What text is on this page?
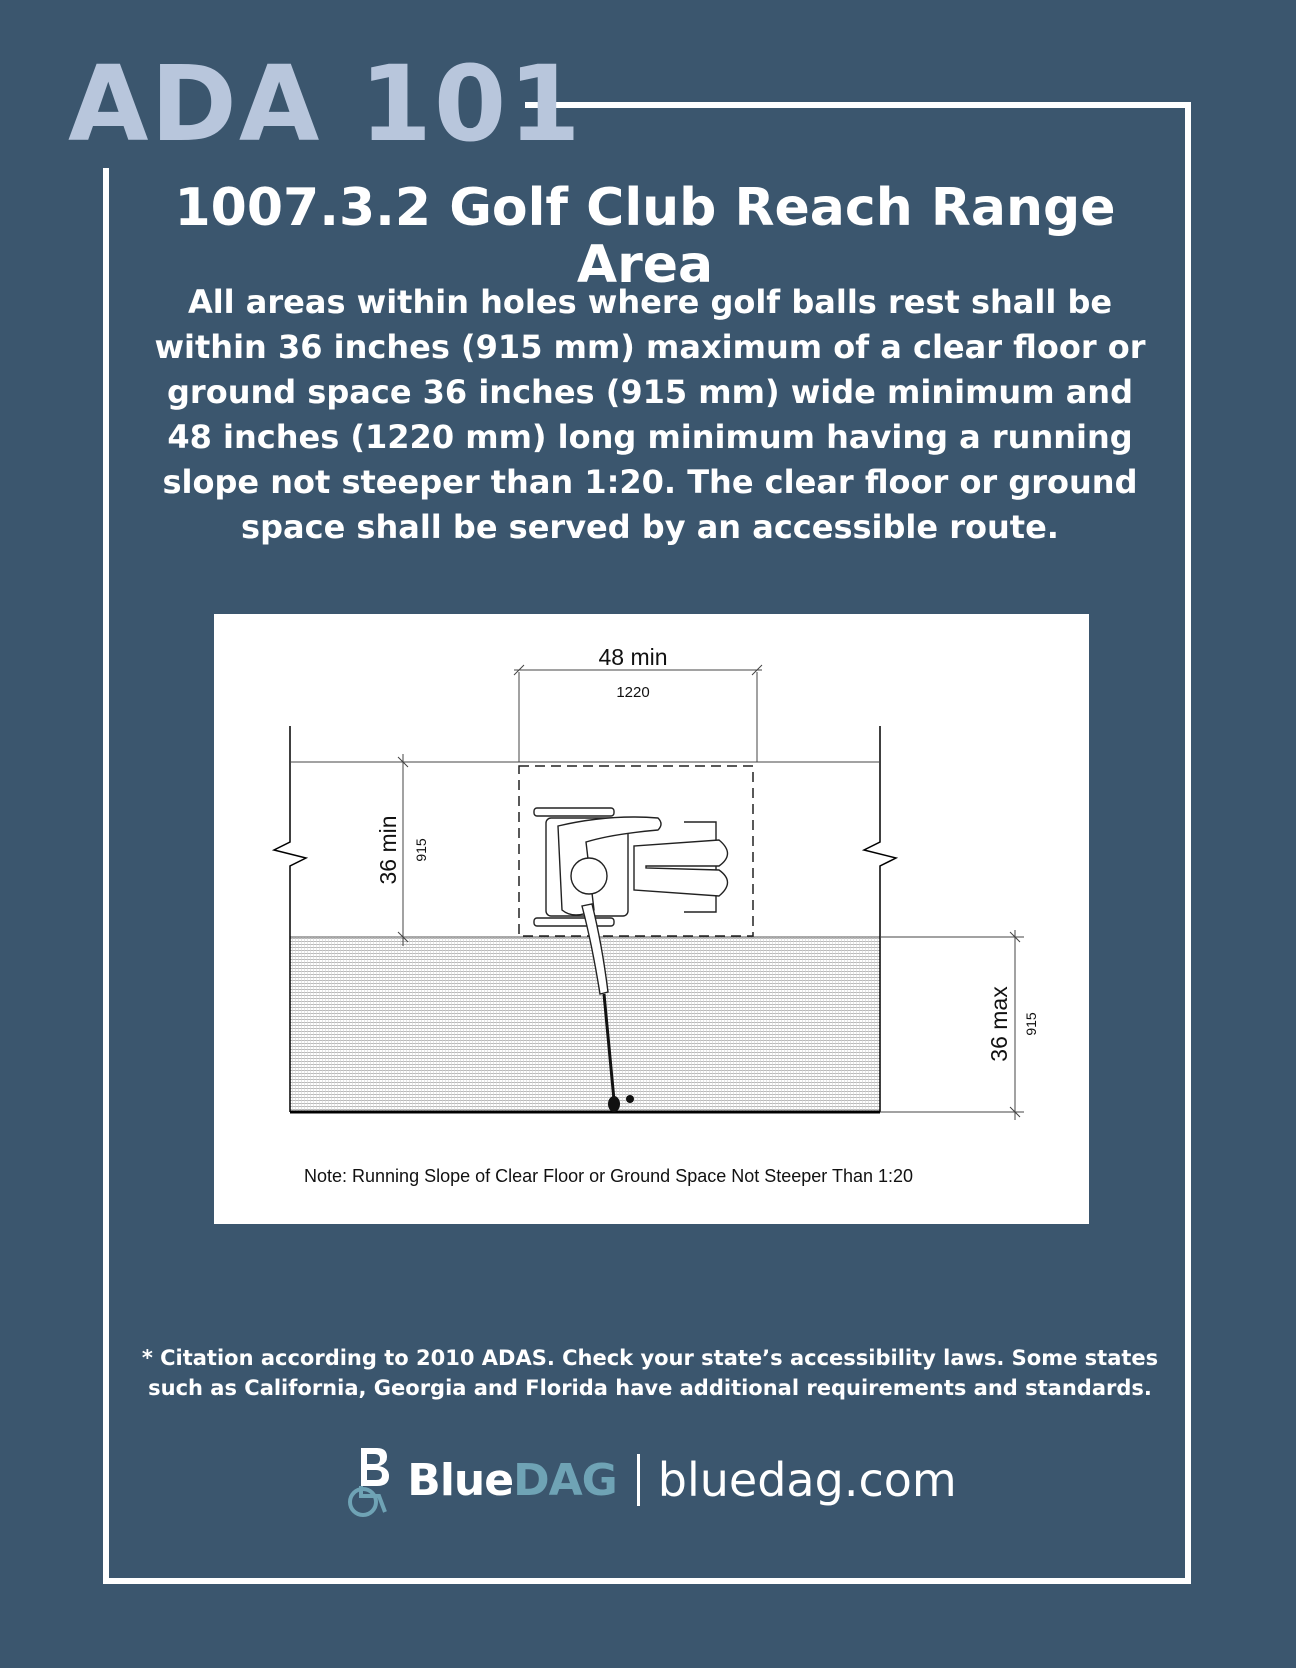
ADA 101
1007.3.2 Golf Club Reach Range Area

All areas within holes where golf balls rest shall be within 36 inches (915 mm) maximum of a clear floor or ground space 36 inches (915 mm) wide minimum and 48 inches (1220 mm) long minimum having a running slope not steeper than 1:20. The clear floor or ground space shall be served by an accessible route.

48 min
1220
36 min 915
36 max 915
Note: Running Slope of Clear Floor or Ground Space Not Steeper Than 1:20

* Citation according to 2010 ADAS. Check your state’s accessibility laws. Some states such as California, Georgia and Florida have additional requirements and standards.

Blue DAG bluedag.com
